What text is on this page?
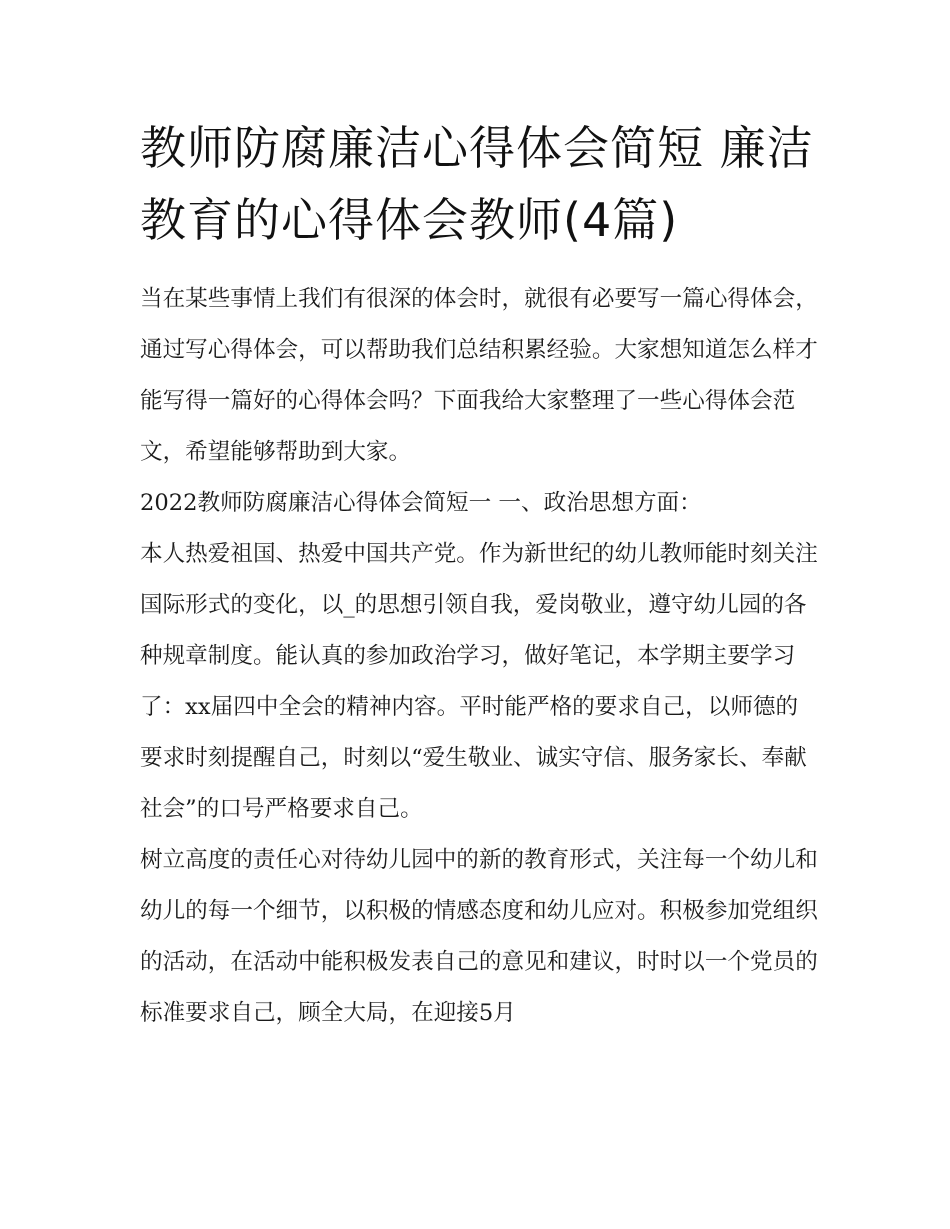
教师防腐廉洁心得体会简短 廉洁教育的心得体会教师(4篇)

当在某些事情上我们有很深的体会时，就很有必要写一篇心得体会，通过写心得体会，可以帮助我们总结积累经验。大家想知道怎么样才能写得一篇好的心得体会吗？下面我给大家整理了一些心得体会范文，希望能够帮助到大家。

2022教师防腐廉洁心得体会简短一 一、政治思想方面：

本人热爱祖国、热爱中国共产党。作为新世纪的幼儿教师能时刻关注国际形式的变化，以_的思想引领自我，爱岗敬业，遵守幼儿园的各种规章制度。能认真的参加政治学习，做好笔记，本学期主要学习了：xx届四中全会的精神内容。平时能严格的要求自己，以师德的要求时刻提醒自己，时刻以“爱生敬业、诚实守信、服务家长、奉献社会”的口号严格要求自己。

树立高度的责任心对待幼儿园中的新的教育形式，关注每一个幼儿和幼儿的每一个细节，以积极的情感态度和幼儿应对。积极参加党组织的活动，在活动中能积极发表自己的意见和建议，时时以一个党员的标准要求自己，顾全大局，在迎接5月
